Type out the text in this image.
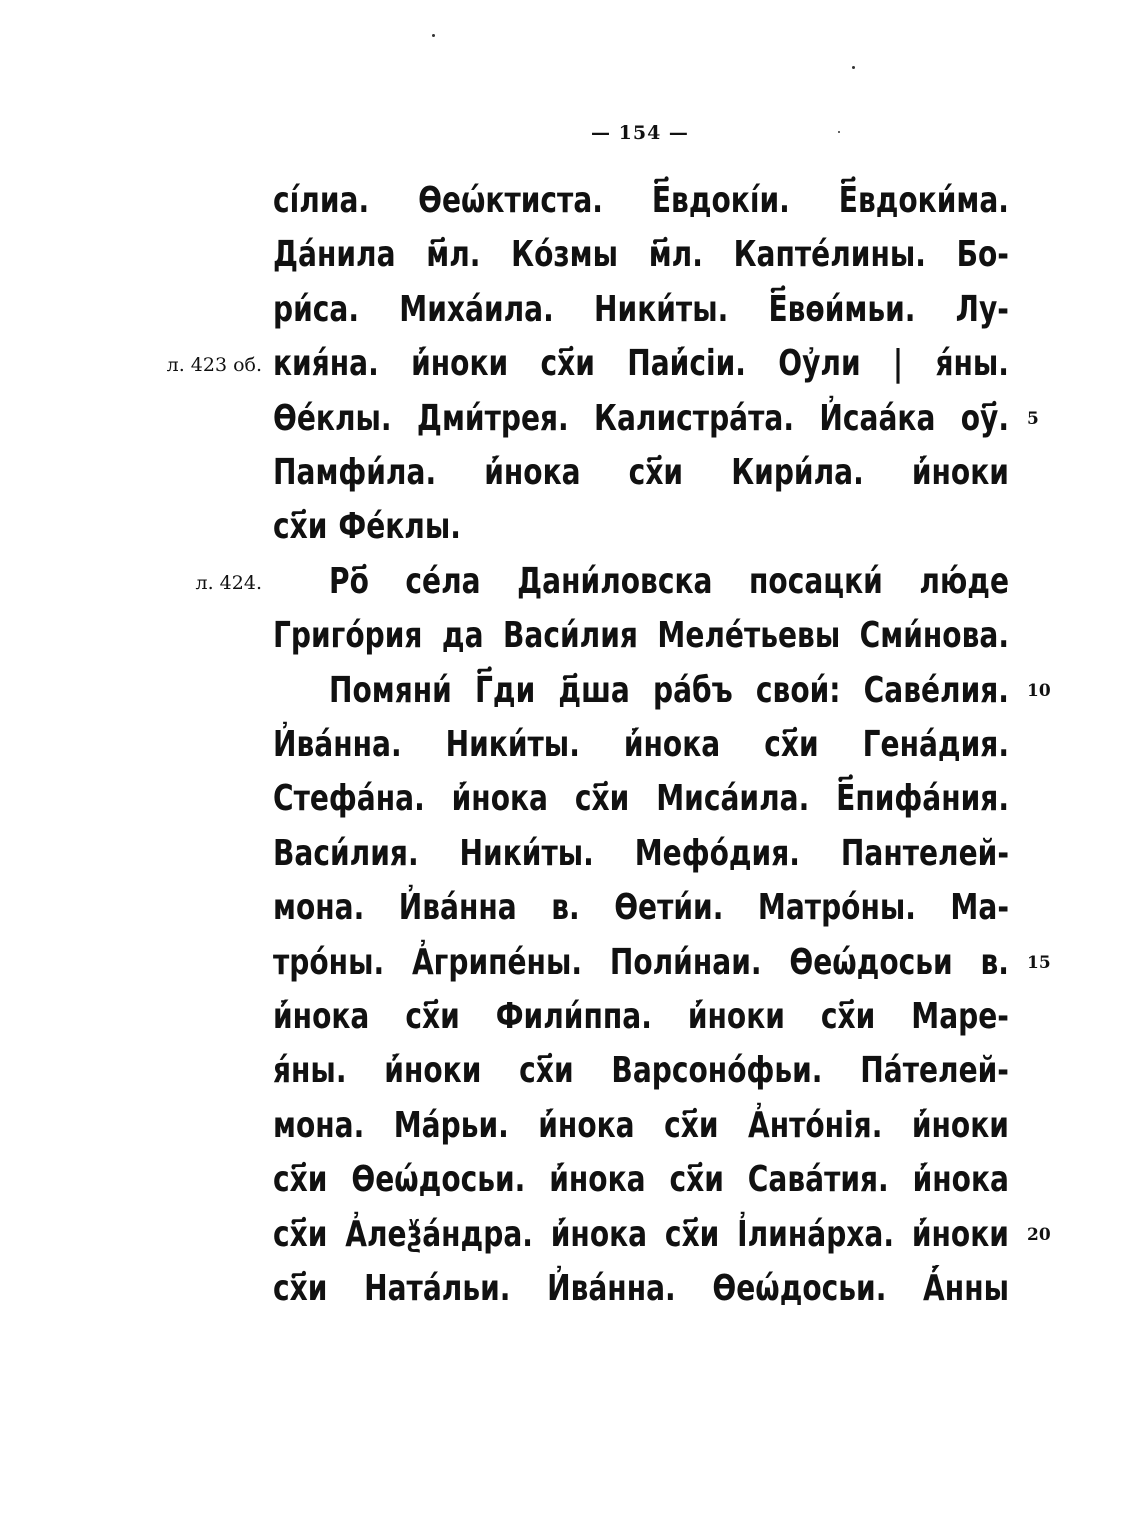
— 154 —
сі́лиа. Ѳеѡ́ктиста. Е҃вдокі́и. Е҃вдоки́ма.
Да́нила м҃л. Ко́змы м҃л. Капте́лины. Бо-
ри́са. Миха́ила. Ники́ты. Е҃вѳи́мьи. Лу-
кия́на. и҆́ноки сх҃и Паи҆́сіи. Оу҆ли | я́ны.
Ѳе́клы. Дми́трея. Калистра́та. И҆саа́ка оу҃.
Памфи́ла. и҆́нока сх҃и Кири́ла. и҆́ноки
сх҃и Фе́клы.
Ро҃ се́ла Дани́ловска посацки́ лю́де
Григо́рия да Васи́лия Меле́тьевы Сми́нова.
Помяни́ Г҃ди д҃ша ра́бъ свои́: Саве́лия.
И҆ва́нна. Ники́ты. и҆́нока сх҃и Гена́дия.
Стефа́на. и҆́нока сх҃и Миса́ила. Е҃пифа́ния.
Васи́лия. Ники́ты. Мефо́дия. Пантелей-
мона. И҆ва́нна в. Ѳети́и. Матро́ны. Ма-
тро́ны. А҆грипе́ны. Поли́наи. Ѳеѡ́досьи в.
и҆́нока сх҃и Фили́ппа. и҆́ноки сх҃и Маре-
я́ны. и҆́ноки сх҃и Варсоно́фьи. Па́телей-
мона. Ма́рьи. и҆́нока сх҃и А҆нто́нія. и҆́ноки
сх҃и Ѳеѡ́досьи. и҆́нока сх҃и Сава́тия. и҆́нока
сх҃и А҆леѯа́ндра. и҆́нока сх҃и І҆лина́рха. и҆́ноки
сх҃и Ната́льи. И҆ва́нна. Ѳеѡ́досьи. А҆́нны
л. 423 об.
л. 424.
5
10
15
20
